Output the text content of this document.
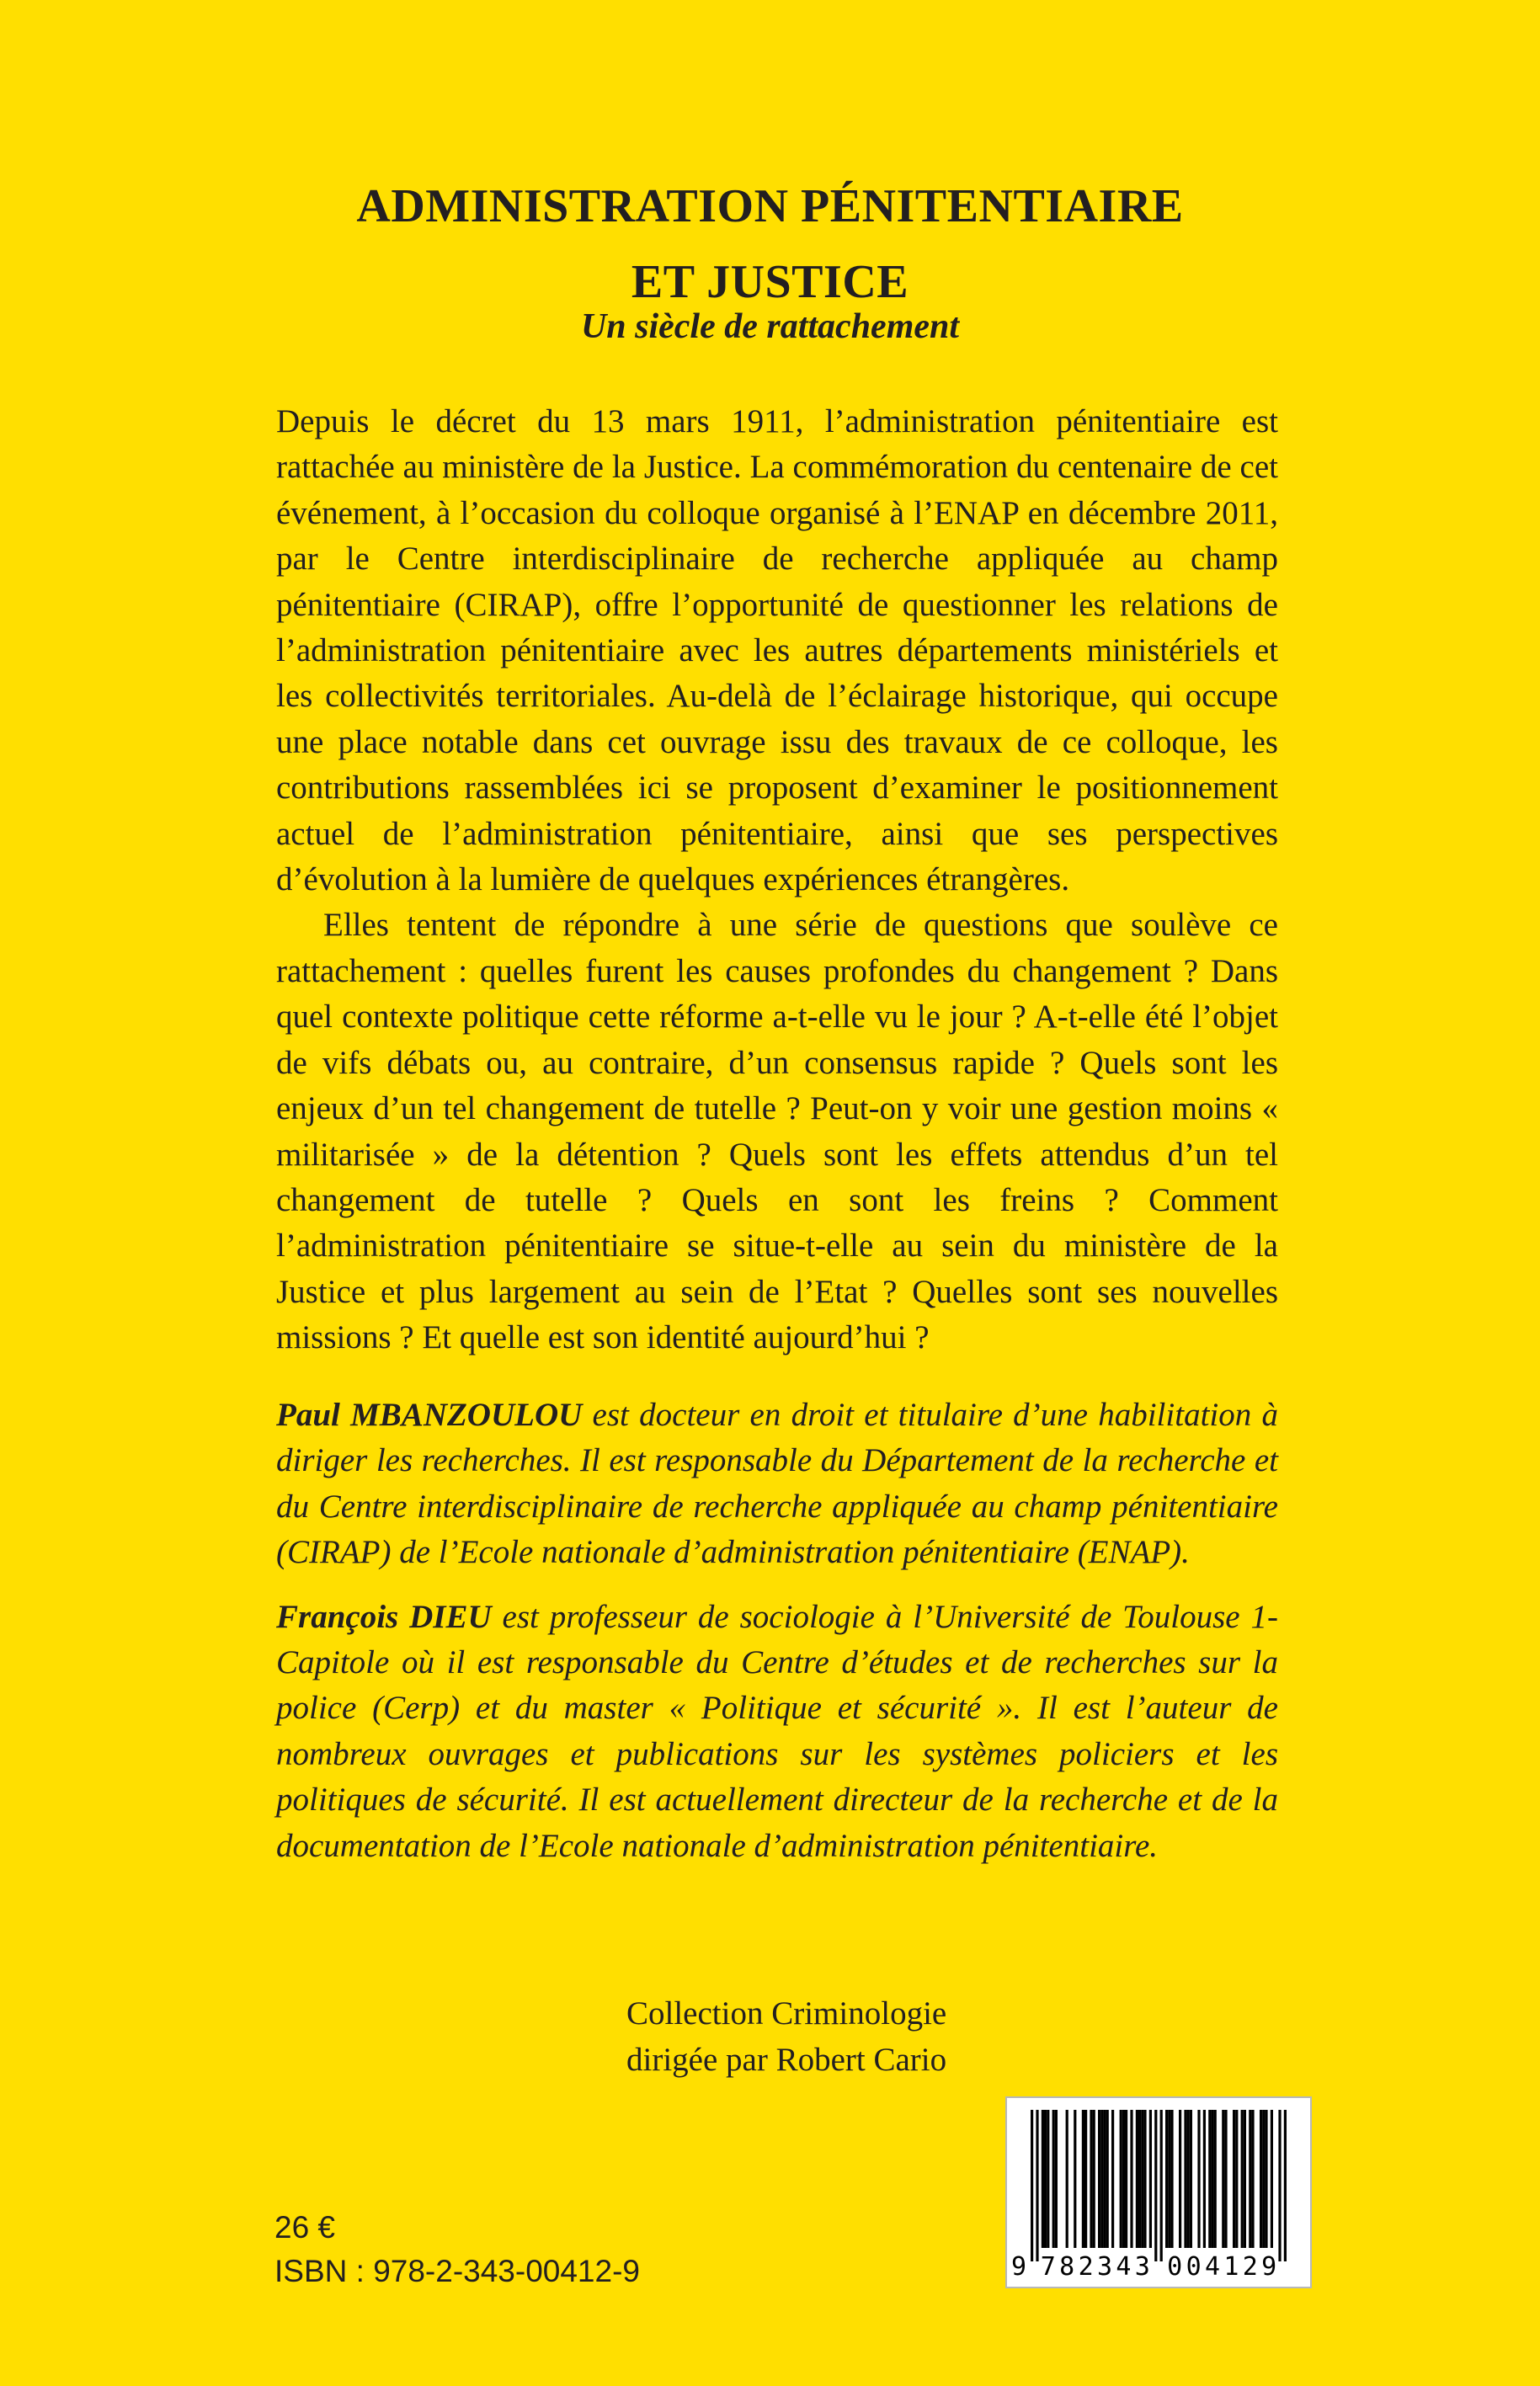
ADMINISTRATION PÉNITENTIAIRE
ET JUSTICE
Un siècle de rattachement

Depuis le décret du 13 mars 1911, l’administration pénitentiaire est rattachée au ministère de la Justice. La commémoration du centenaire de cet événement, à l’occasion du colloque organisé à l’ENAP en décembre 2011, par le Centre interdisciplinaire de recherche appliquée au champ pénitentiaire (CIRAP), offre l’opportunité de questionner les relations de l’administration pénitentiaire avec les autres départements ministériels et les collectivités territoriales. Au-delà de l’éclairage historique, qui occupe une place notable dans cet ouvrage issu des travaux de ce colloque, les contributions rassemblées ici se proposent d’examiner le positionnement actuel de l’administration pénitentiaire, ainsi que ses perspectives d’évolution à la lumière de quelques expériences étrangères.

Elles tentent de répondre à une série de questions que soulève ce rattachement : quelles furent les causes profondes du changement ? Dans quel contexte politique cette réforme a-t-elle vu le jour ? A-t-elle été l’objet de vifs débats ou, au contraire, d’un consensus rapide ? Quels sont les enjeux d’un tel changement de tutelle ? Peut-on y voir une gestion moins « militarisée » de la détention ? Quels sont les effets attendus d’un tel changement de tutelle ? Quels en sont les freins ? Comment l’administration pénitentiaire se situe-t-elle au sein du ministère de la Justice et plus largement au sein de l’Etat ? Quelles sont ses nouvelles missions ? Et quelle est son identité aujourd’hui ?

Paul MBANZOULOU est docteur en droit et titulaire d’une habilitation à diriger les recherches. Il est responsable du Département de la recherche et du Centre interdisciplinaire de recherche appliquée au champ pénitentiaire (CIRAP) de l’Ecole nationale d’administration pénitentiaire (ENAP).

François DIEU est professeur de sociologie à l’Université de Toulouse 1-Capitole où il est responsable du Centre d’études et de recherches sur la police (Cerp) et du master « Politique et sécurité ». Il est l’auteur de nombreux ouvrages et publications sur les systèmes policiers et les politiques de sécurité. Il est actuellement directeur de la recherche et de la documentation de l’Ecole nationale d’administration pénitentiaire.

Collection Criminologie
dirigée par Robert Cario
26 €
ISBN : 978-2-343-00412-9	9 7 8 2 3 4 3 0 0 4 1 2 9
